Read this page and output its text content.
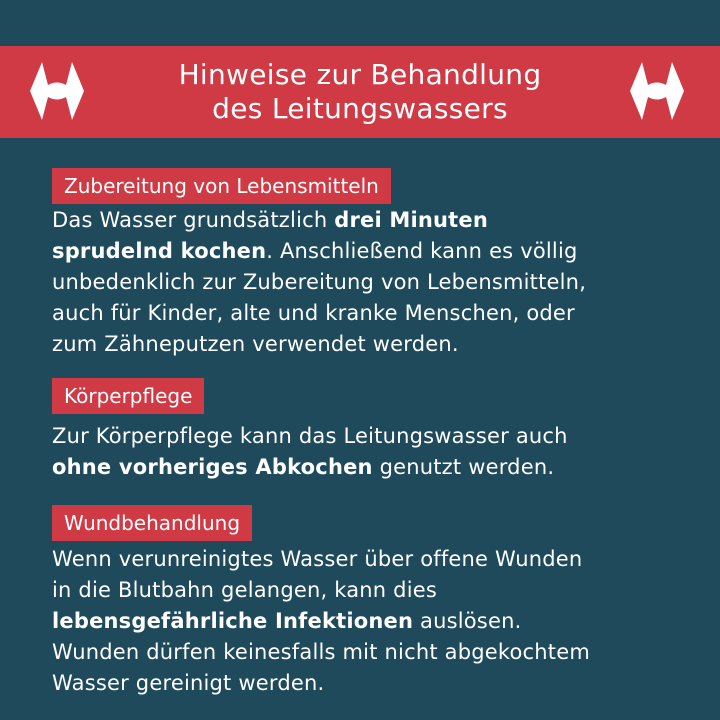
Hinweise zur Behandlung
des Leitungswassers
Zubereitung von Lebensmitteln

Das Wasser grundsätzlich drei Minuten

sprudelnd kochen. Anschließend kann es völlig

unbedenklich zur Zubereitung von Lebensmitteln,

auch für Kinder, alte und kranke Menschen, oder

zum Zähneputzen verwendet werden.

Körperpflege

Zur Körperpflege kann das Leitungswasser auch

ohne vorheriges Abkochen genutzt werden.

Wundbehandlung

Wenn verunreinigtes Wasser über offene Wunden

in die Blutbahn gelangen, kann dies

lebensgefährliche Infektionen auslösen.

Wunden dürfen keinesfalls mit nicht abgekochtem

Wasser gereinigt werden.
